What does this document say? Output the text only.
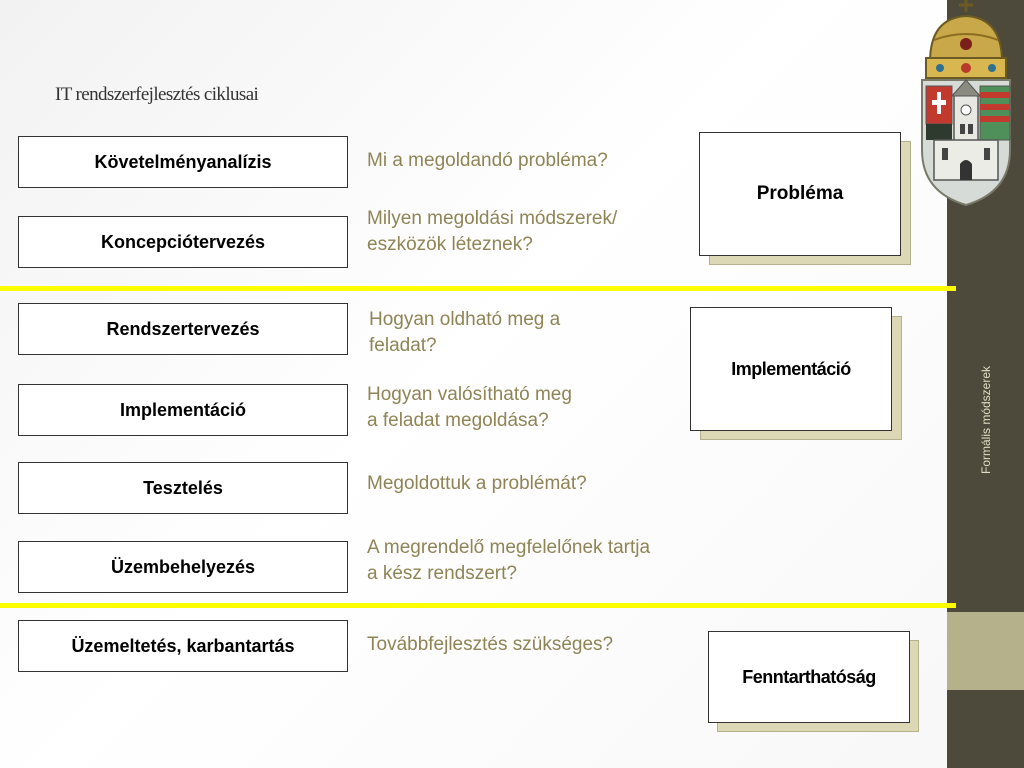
Formális módszerek
IT rendszerfejlesztés ciklusai
Követelményanalízis
Koncepciótervezés
Rendszertervezés
Implementáció
Tesztelés
Üzembehelyezés
Üzemeltetés, karbantartás
Mi a megoldandó probléma?
Milyen megoldási módszerek/
eszközök léteznek?
Hogyan oldható meg a
feladat?
Hogyan valósítható meg
a feladat megoldása?
Megoldottuk a problémát?
A megrendelő megfelelőnek tartja
a kész rendszert?
Továbbfejlesztés szükséges?
Probléma
Implementáció
Fenntarthatóság
